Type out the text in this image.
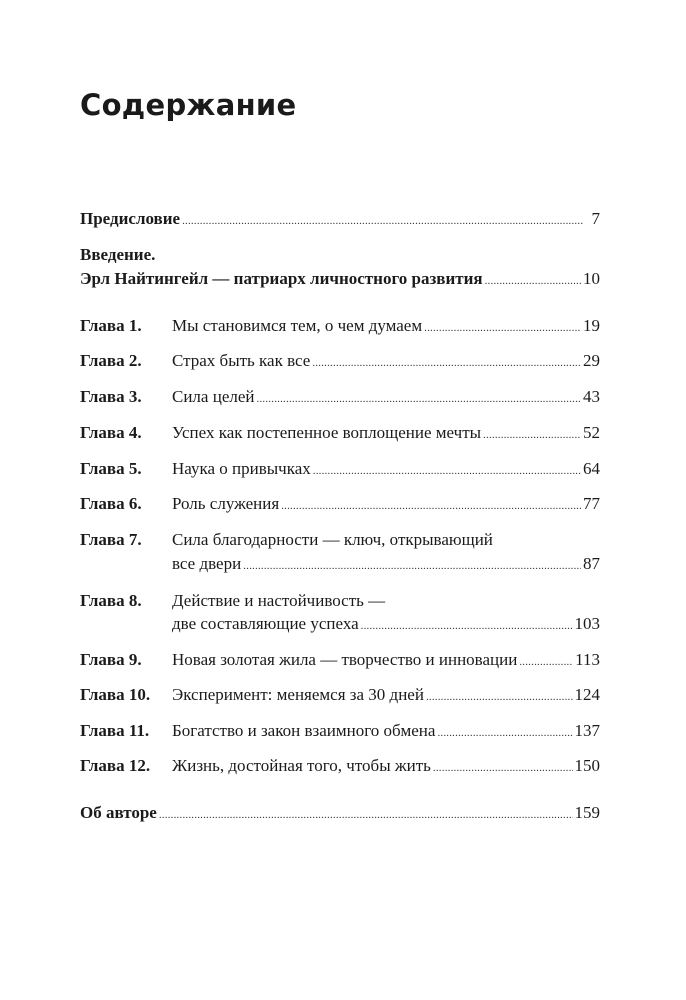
Содержание
Предисловие .....	7
Введение.
Эрл Найтингейл — патриарх личностного развития .....	10
Глава 1.	Мы становимся тем, о чем думаем .....	19
Глава 2.	Страх быть как все .....	29
Глава 3.	Сила целей .....	43
Глава 4.	Успех как постепенное воплощение мечты .....	52
Глава 5.	Наука о привычках .....	64
Глава 6.	Роль служения .....	77
Глава 7.	Сила благодарности — ключ, открывающий
все двери .....	87
Глава 8.	Действие и настойчивость —
две составляющие успеха .....	103
Глава 9.	Новая золотая жила — творчество и инновации .....	113
Глава 10.	Эксперимент: меняемся за 30 дней .....	124
Глава 11.	Богатство и закон взаимного обмена .....	137
Глава 12.	Жизнь, достойная того, чтобы жить .....	150
Об авторе .....	159
